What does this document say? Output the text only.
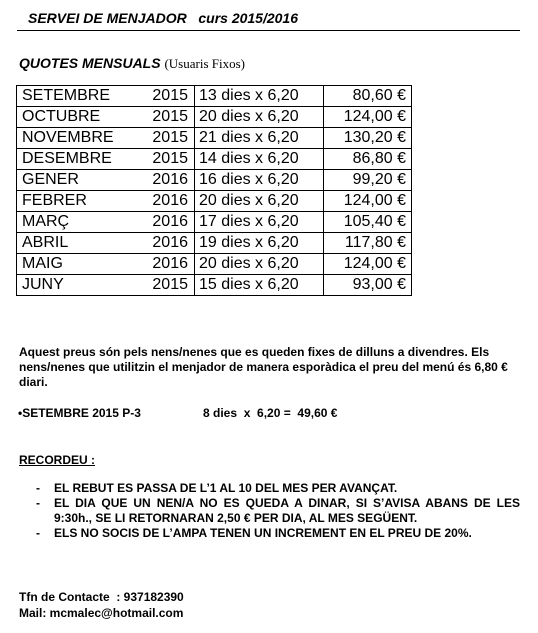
SERVEI DE MENJADOR   curs 2015/2016
QUOTES MENSUALS (Usuaris Fixos)
SETEMBRE 2015	13 dies x 6,20	80,60 €

OCTUBRE 2015	20 dies x 6,20	124,00 €

NOVEMBRE 2015	21 dies x 6,20	130,20 €

DESEMBRE 2015	14 dies x 6,20	86,80 €

GENER 2016	16 dies x 6,20	99,20 €

FEBRER 2016	20 dies x 6,20	124,00 €

MARÇ 2016	17 dies x 6,20	105,40 €

ABRIL 2016	19 dies x 6,20	117,80 €

MAIG 2016	20 dies x 6,20	124,00 €

JUNY 2015	15 dies x 6,20	93,00 €
Aquest preus són pels nens/nenes que es queden fixes de dilluns a divendres. Els nens/nenes que utilitzin el menjador de manera esporàdica el preu del menú és 6,80 € diari.
•SETEMBRE 2015 P-3	8 dies  x  6,20 =  49,60 €
RECORDEU :
- EL REBUT ES PASSA DE L’1 AL 10 DEL MES PER AVANÇAT.
- EL DIA QUE UN NEN/A NO ES QUEDA A DINAR, SI S’AVISA ABANS DE LES 9:30h., SE LI RETORNARAN 2,50 € PER DIA, AL MES SEGÜENT.
- ELS NO SOCIS DE L’AMPA TENEN UN INCREMENT EN EL PREU DE 20%.
Tfn de Contacte  : 937182390
Mail: mcmalec@hotmail.com
